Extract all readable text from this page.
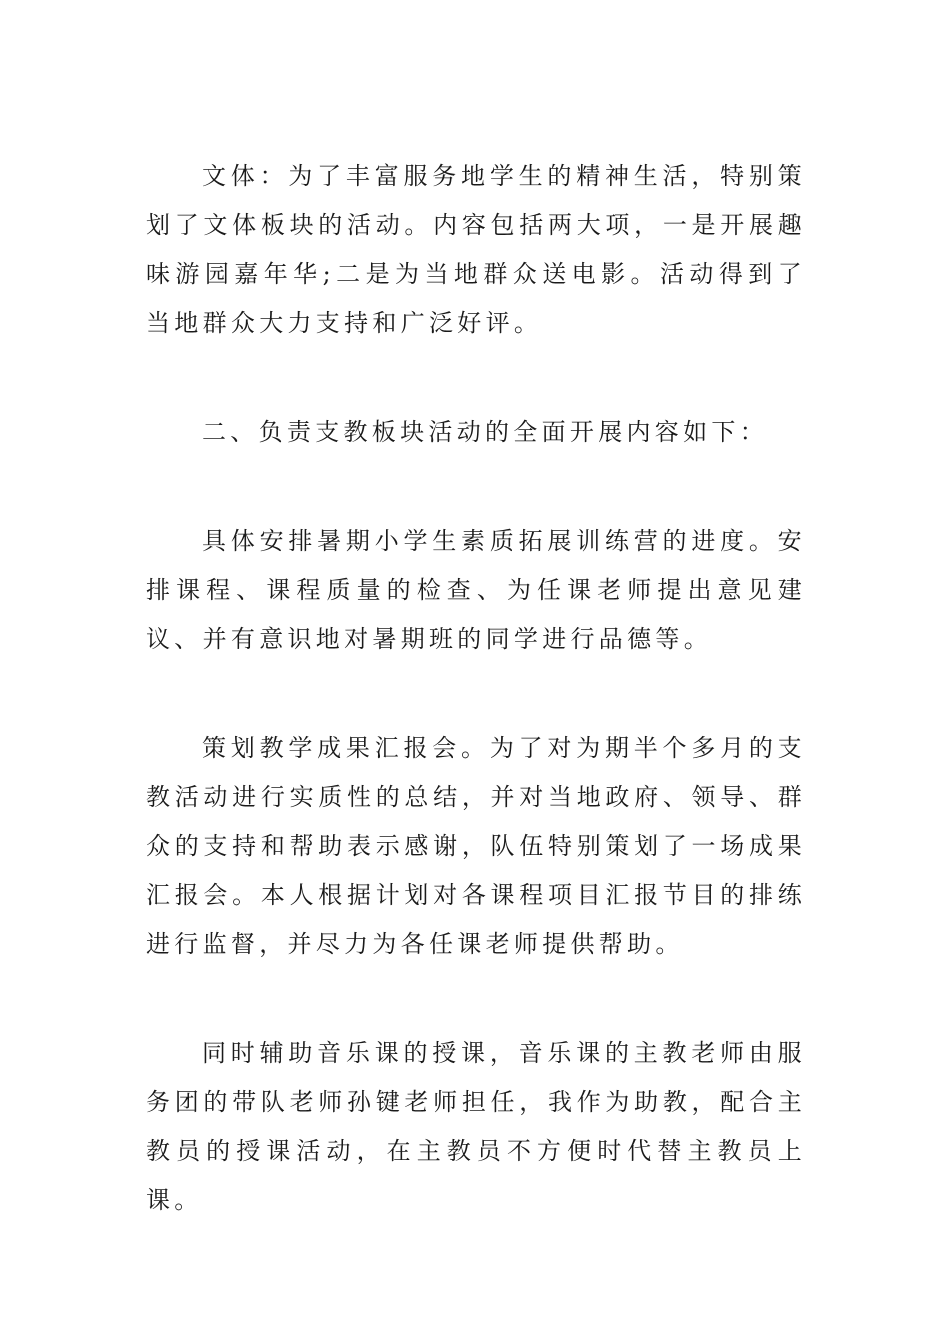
文体：为了丰富服务地学生的精神生活，特别策划了文体板块的活动。内容包括两大项，一是开展趣味游园嘉年华;二是为当地群众送电影。活动得到了当地群众大力支持和广泛好评。

二、负责支教板块活动的全面开展内容如下：

具体安排暑期小学生素质拓展训练营的进度。安排课程、课程质量的检查、为任课老师提出意见建议、并有意识地对暑期班的同学进行品德等。

策划教学成果汇报会。为了对为期半个多月的支教活动进行实质性的总结，并对当地政府、领导、群众的支持和帮助表示感谢，队伍特别策划了一场成果汇报会。本人根据计划对各课程项目汇报节目的排练进行监督，并尽力为各任课老师提供帮助。

同时辅助音乐课的授课，音乐课的主教老师由服务团的带队老师孙键老师担任，我作为助教，配合主教员的授课活动，在主教员不方便时代替主教员上课。
